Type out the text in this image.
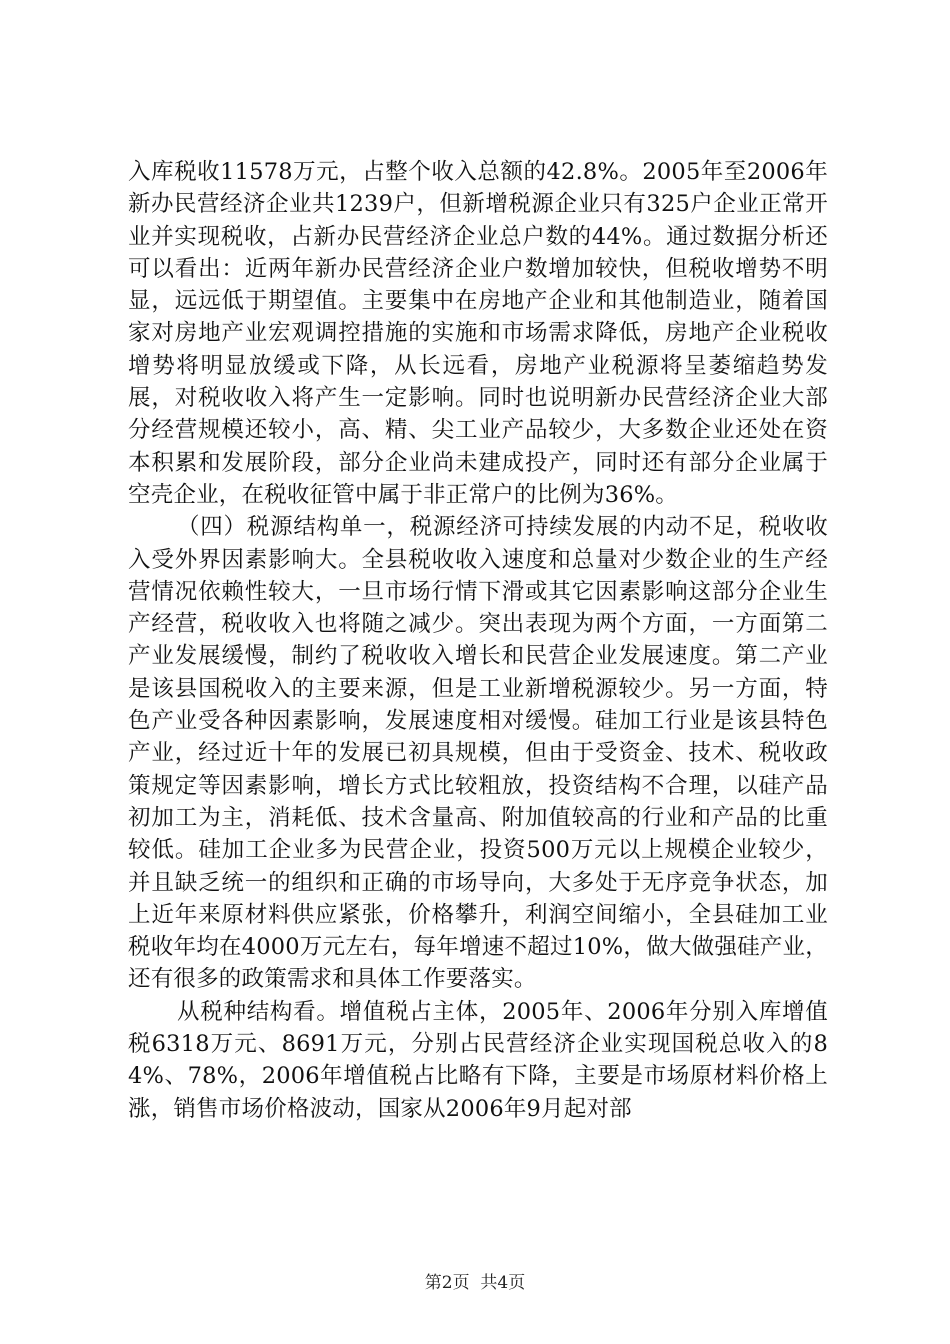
入库税收11578万元，占整个收入总额的42.8%。2005年至2006年新办民营经济企业共1239户，但新增税源企业只有325户企业正常开业并实现税收，占新办民营经济企业总户数的44%。通过数据分析还可以看出：近两年新办民营经济企业户数增加较快，但税收增势不明显，远远低于期望值。主要集中在房地产企业和其他制造业，随着国家对房地产业宏观调控措施的实施和市场需求降低，房地产企业税收增势将明显放缓或下降，从长远看，房地产业税源将呈萎缩趋势发展，对税收收入将产生一定影响。同时也说明新办民营经济企业大部分经营规模还较小，高、精、尖工业产品较少，大多数企业还处在资本积累和发展阶段，部分企业尚未建成投产，同时还有部分企业属于空壳企业，在税收征管中属于非正常户的比例为36%。

（四）税源结构单一，税源经济可持续发展的内动不足，税收收入受外界因素影响大。全县税收收入速度和总量对少数企业的生产经营情况依赖性较大，一旦市场行情下滑或其它因素影响这部分企业生产经营，税收收入也将随之减少。突出表现为两个方面，一方面第二产业发展缓慢，制约了税收收入增长和民营企业发展速度。第二产业是该县国税收入的主要来源，但是工业新增税源较少。另一方面，特色产业受各种因素影响，发展速度相对缓慢。硅加工行业是该县特色产业，经过近十年的发展已初具规模，但由于受资金、技术、税收政策规定等因素影响，增长方式比较粗放，投资结构不合理，以硅产品初加工为主，消耗低、技术含量高、附加值较高的行业和产品的比重较低。硅加工企业多为民营企业，投资500万元以上规模企业较少，并且缺乏统一的组织和正确的市场导向，大多处于无序竞争状态，加上近年来原材料供应紧张，价格攀升，利润空间缩小，全县硅加工业税收年均在4000万元左右，每年增速不超过10%，做大做强硅产业，还有很多的政策需求和具体工作要落实。

从税种结构看。增值税占主体，2005年、2006年分别入库增值税6318万元、8691万元，分别占民营经济企业实现国税总收入的84%、78%，2006年增值税占比略有下降，主要是市场原材料价格上涨，销售市场价格波动，国家从2006年9月起对部

第2页  共4页
